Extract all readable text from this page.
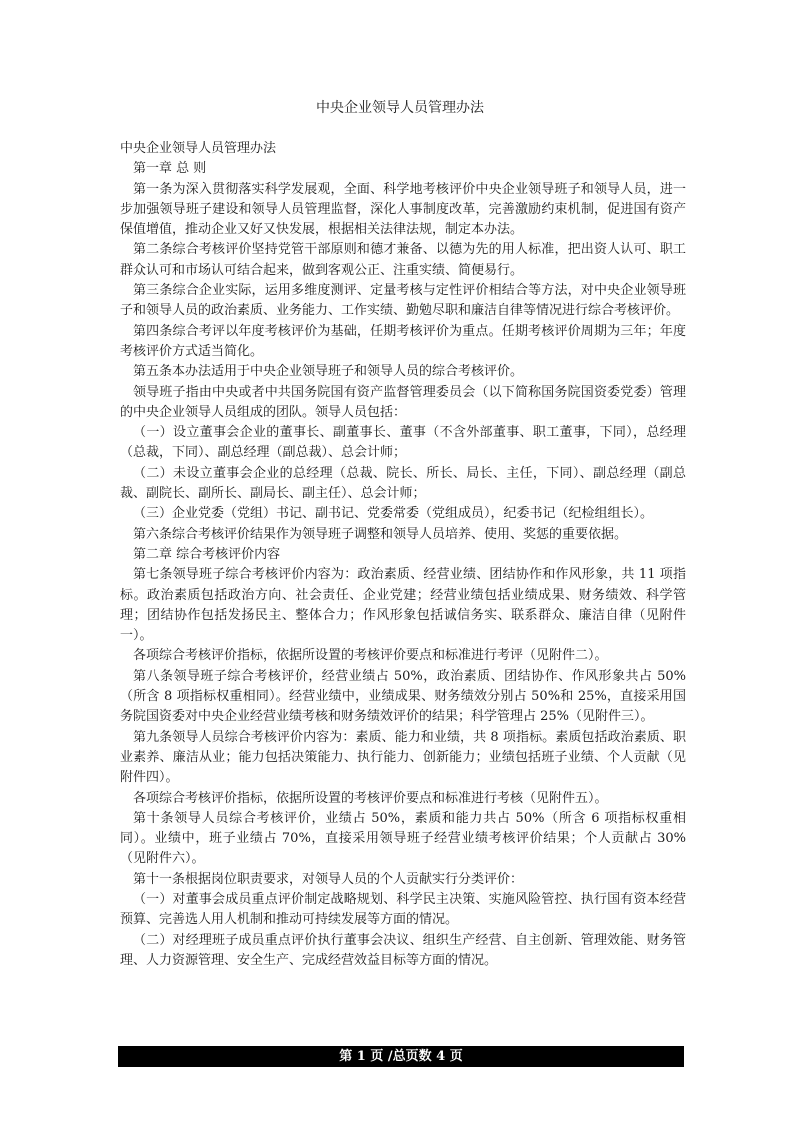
中央企业领导人员管理办法

中央企业领导人员管理办法

第一章 总 则

第一条为深入贯彻落实科学发展观，全面、科学地考核评价中央企业领导班子和领导人员，进一步加强领导班子建设和领导人员管理监督，深化人事制度改革，完善激励约束机制，促进国有资产保值增值，推动企业又好又快发展，根据相关法律法规，制定本办法。

第二条综合考核评价坚持党管干部原则和德才兼备、以德为先的用人标准，把出资人认可、职工群众认可和市场认可结合起来，做到客观公正、注重实绩、简便易行。

第三条综合企业实际，运用多维度测评、定量考核与定性评价相结合等方法，对中央企业领导班子和领导人员的政治素质、业务能力、工作实绩、勤勉尽职和廉洁自律等情况进行综合考核评价。

第四条综合考评以年度考核评价为基础，任期考核评价为重点。任期考核评价周期为三年；年度考核评价方式适当简化。

第五条本办法适用于中央企业领导班子和领导人员的综合考核评价。

领导班子指由中央或者中共国务院国有资产监督管理委员会（以下简称国务院国资委党委）管理的中央企业领导人员组成的团队。领导人员包括：

（一）设立董事会企业的董事长、副董事长、董事（不含外部董事、职工董事，下同），总经理（总裁，下同）、副总经理（副总裁）、总会计师；

（二）未设立董事会企业的总经理（总裁、院长、所长、局长、主任，下同）、副总经理（副总裁、副院长、副所长、副局长、副主任）、总会计师；

（三）企业党委（党组）书记、副书记、党委常委（党组成员），纪委书记（纪检组组长）。

第六条综合考核评价结果作为领导班子调整和领导人员培养、使用、奖惩的重要依据。

第二章 综合考核评价内容

第七条领导班子综合考核评价内容为：政治素质、经营业绩、团结协作和作风形象，共 11 项指标。政治素质包括政治方向、社会责任、企业党建；经营业绩包括业绩成果、财务绩效、科学管理；团结协作包括发扬民主、整体合力；作风形象包括诚信务实、联系群众、廉洁自律（见附件一）。

各项综合考核评价指标，依据所设置的考核评价要点和标准进行考评（见附件二）。

第八条领导班子综合考核评价，经营业绩占 50%，政治素质、团结协作、作风形象共占 50%（所含 8 项指标权重相同）。经营业绩中，业绩成果、财务绩效分别占 50%和 25%，直接采用国务院国资委对中央企业经营业绩考核和财务绩效评价的结果；科学管理占 25%（见附件三）。

第九条领导人员综合考核评价内容为：素质、能力和业绩，共 8 项指标。素质包括政治素质、职业素养、廉洁从业；能力包括决策能力、执行能力、创新能力；业绩包括班子业绩、个人贡献（见附件四）。

各项综合考核评价指标，依据所设置的考核评价要点和标准进行考核（见附件五）。

第十条领导人员综合考核评价，业绩占 50%，素质和能力共占 50%（所含 6 项指标权重相同）。业绩中，班子业绩占 70%，直接采用领导班子经营业绩考核评价结果；个人贡献占 30%（见附件六）。

第十一条根据岗位职责要求，对领导人员的个人贡献实行分类评价：

（一）对董事会成员重点评价制定战略规划、科学民主决策、实施风险管控、执行国有资本经营预算、完善选人用人机制和推动可持续发展等方面的情况。

（二）对经理班子成员重点评价执行董事会决议、组织生产经营、自主创新、管理效能、财务管理、人力资源管理、安全生产、完成经营效益目标等方面的情况。

第 1 页 /总页数 4 页
